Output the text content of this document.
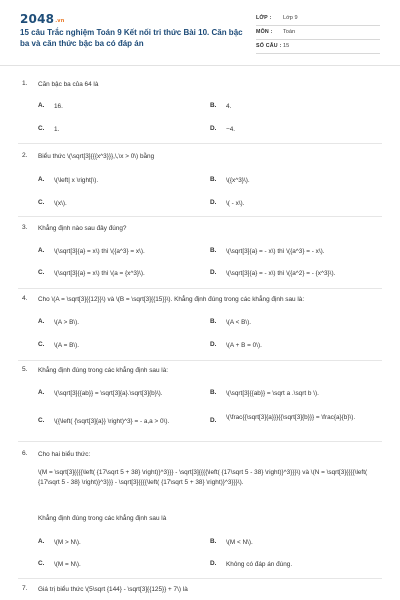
2048.vn
15 câu Trắc nghiệm Toán 9 Kết nối tri thức Bài 10. Căn bậc ba và căn thức bậc ba có đáp án
LỚP :	Lớp 9
MÔN :	Toán
SỐ CÂU : 15
1. Căn bậc ba của 64 là
A. 16.	B. 4.
C. 1.	D. −4.
2. Biểu thức \(\sqrt[3]{{{x^3}}},\,\x > 0\) bằng
A. \(\left| x \right|\).	B. \({x^3}\).
C. \(x\).	D. \( - x\).
3. Khẳng định nào sau đây đúng?
A. \(\sqrt[3]{a} = x\) thì \({a^3} = x\).	B. \(\sqrt[3]{a} = - x\) thì \({a^3} = - x\).
C. \(\sqrt[3]{a} = x\) thì \(a = {x^3}\).	D. \(\sqrt[3]{a} = - x\) thì \({a^2} = - {x^3}\).
4. Cho \(A = \sqrt[3]{{12}}\) và \(B = \sqrt[3]{{15}}\). Khẳng định đúng trong các khẳng định sau là:
A. \(A > B\).	B. \(A < B\).
C. \(A = B\).	D. \(A + B = 0\).
5. Khẳng định đúng trong các khẳng định sau là:
A. \(\sqrt[3]{{ab}} = \sqrt[3]{a}.\sqrt[3]{b}\).	B. \(\sqrt[3]{{ab}} = \sqrt a .\sqrt b \).
C. \({\left( {\sqrt[3]{a}} \right)^3} = - a,a > 0\).	D. \(\frac{{\sqrt[3]{a}}}{{\sqrt[3]{b}}} = \frac{a}{b}\).
6. Cho hai biểu thức:
\(M = \sqrt[3]{{{{\left( {17\sqrt 5 + 38} \right)}^3}}} - \sqrt[3]{{{{\left( {17\sqrt 5 - 38} \right)}^3}}}\) và \(N = \sqrt[3]{{{{\left( {17\sqrt 5 - 38} \right)}^3}}} - \sqrt[3]{{{{\left( {17\sqrt 5 + 38} \right)}^3}}}\).
Khẳng định đúng trong các khẳng định sau là
A. \(M > N\).	B. \(M < N\).
C. \(M = N\).	D. Không có đáp án đúng.
7. Giá trị biểu thức \(5\sqrt {144} - \sqrt[3]{{125}} + 7\) là
